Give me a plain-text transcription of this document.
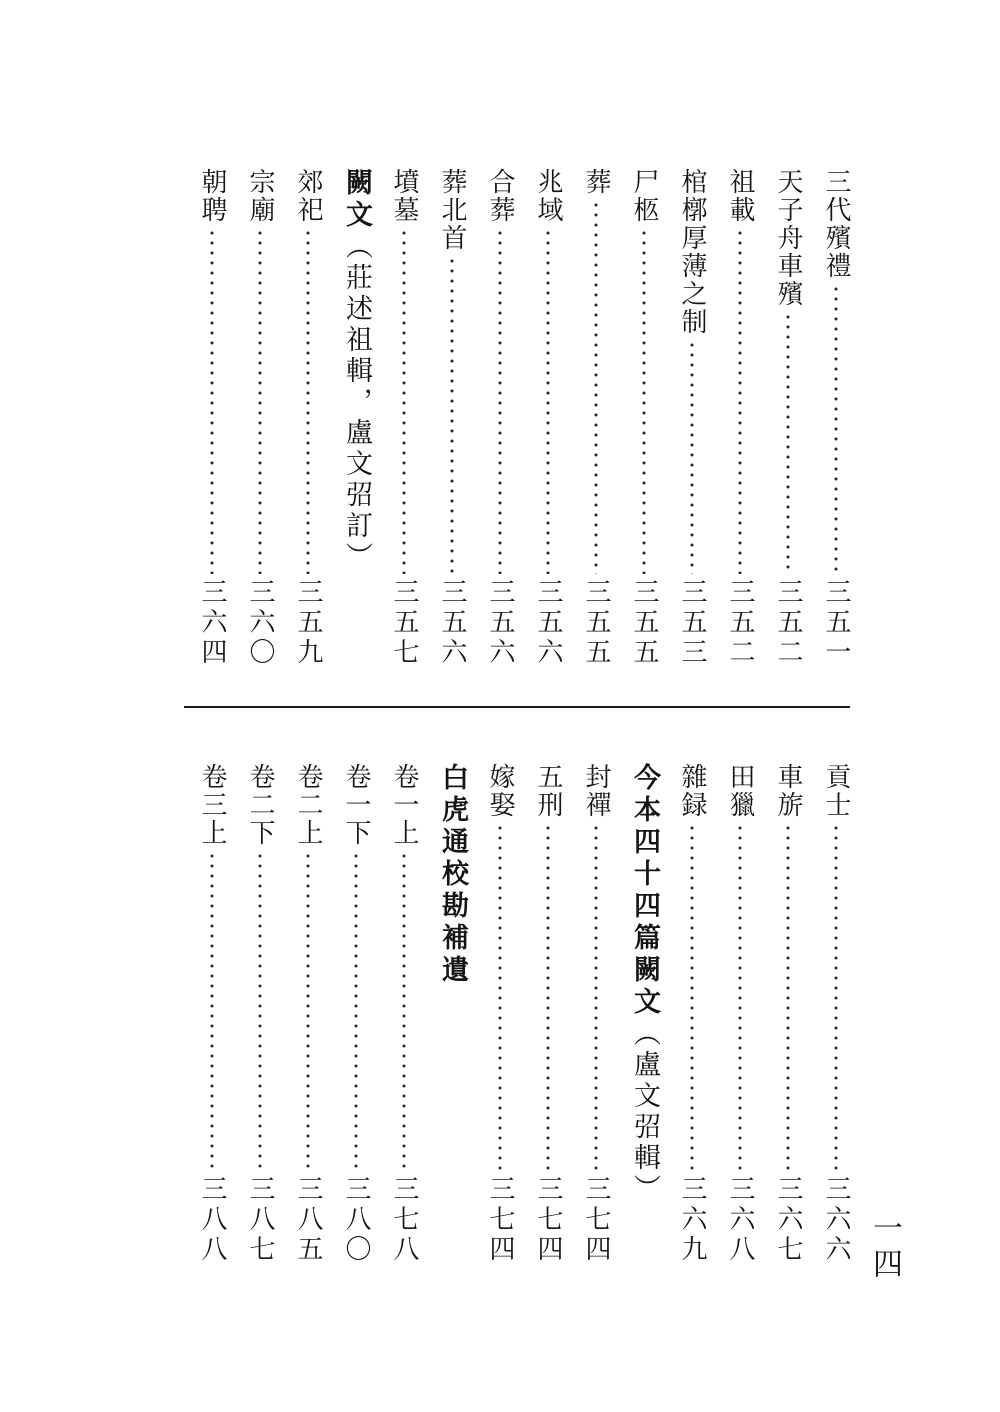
三代殯禮
三五一
天子舟車殯
三五二
祖載
三五二
棺槨厚薄之制
三五三
尸柩
三五五
葬
三五五
兆域
三五六
合葬
三五六
葬北首
三五六
墳墓
三五七
闕文（莊述祖輯，盧文弨訂）
郊祀
三五九
宗廟
三六〇
朝聘
三六四
貢士
三六六
車旂
三六七
田獵
三六八
雜録
三六九
今本四十四篇闕文（盧文弨輯）
封禪
三七四
五刑
三七四
嫁娶
三七四
白虎通校勘補遺
卷一上
三七八
卷一下
三八〇
卷二上
三八五
卷二下
三八七
卷三上
三八八	一四
